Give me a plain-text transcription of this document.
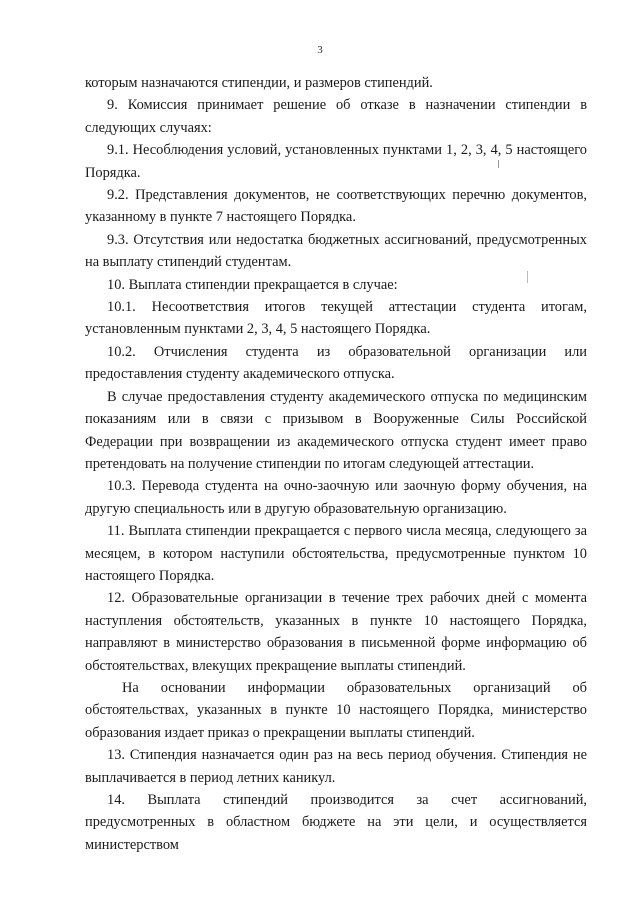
3

которым назначаются стипендии, и размеров стипендий.

9. Комиссия принимает решение об отказе в назначении стипендии в следующих случаях:

9.1. Несоблюдения условий, установленных пунктами 1, 2, 3, 4, 5 настоящего Порядка.

9.2. Представления документов, не соответствующих перечню документов, указанному в пункте 7 настоящего Порядка.

9.3. Отсутствия или недостатка бюджетных ассигнований, предусмотренных на выплату стипендий студентам.

10. Выплата стипендии прекращается в случае:

10.1. Несоответствия итогов текущей аттестации студента итогам, установленным пунктами 2, 3, 4, 5 настоящего Порядка.

10.2. Отчисления студента из образовательной организации или предоставления студенту академического отпуска.

В случае предоставления студенту академического отпуска по медицинским показаниям или в связи с призывом в Вооруженные Силы Российской Федерации при возвращении из академического отпуска студент имеет право претендовать на получение стипендии по итогам следующей аттестации.

10.3. Перевода студента на очно-заочную или заочную форму обучения, на другую специальность или в другую образовательную организацию.

11. Выплата стипендии прекращается с первого числа месяца, следующего за месяцем, в котором наступили обстоятельства, предусмотренные пунктом 10 настоящего Порядка.

12. Образовательные организации в течение трех рабочих дней с момента наступления обстоятельств, указанных в пункте 10 настоящего Порядка, направляют в министерство образования в письменной форме информацию об обстоятельствах, влекущих прекращение выплаты стипендий.

На основании информации образовательных организаций об обстоятельствах, указанных в пункте 10 настоящего Порядка, министерство образования издает приказ о прекращении выплаты стипендий.

13. Стипендия назначается один раз на весь период обучения. Стипендия не выплачивается в период летних каникул.

14. Выплата стипендий производится за счет ассигнований, предусмотренных в областном бюджете на эти цели, и осуществляется министерством
